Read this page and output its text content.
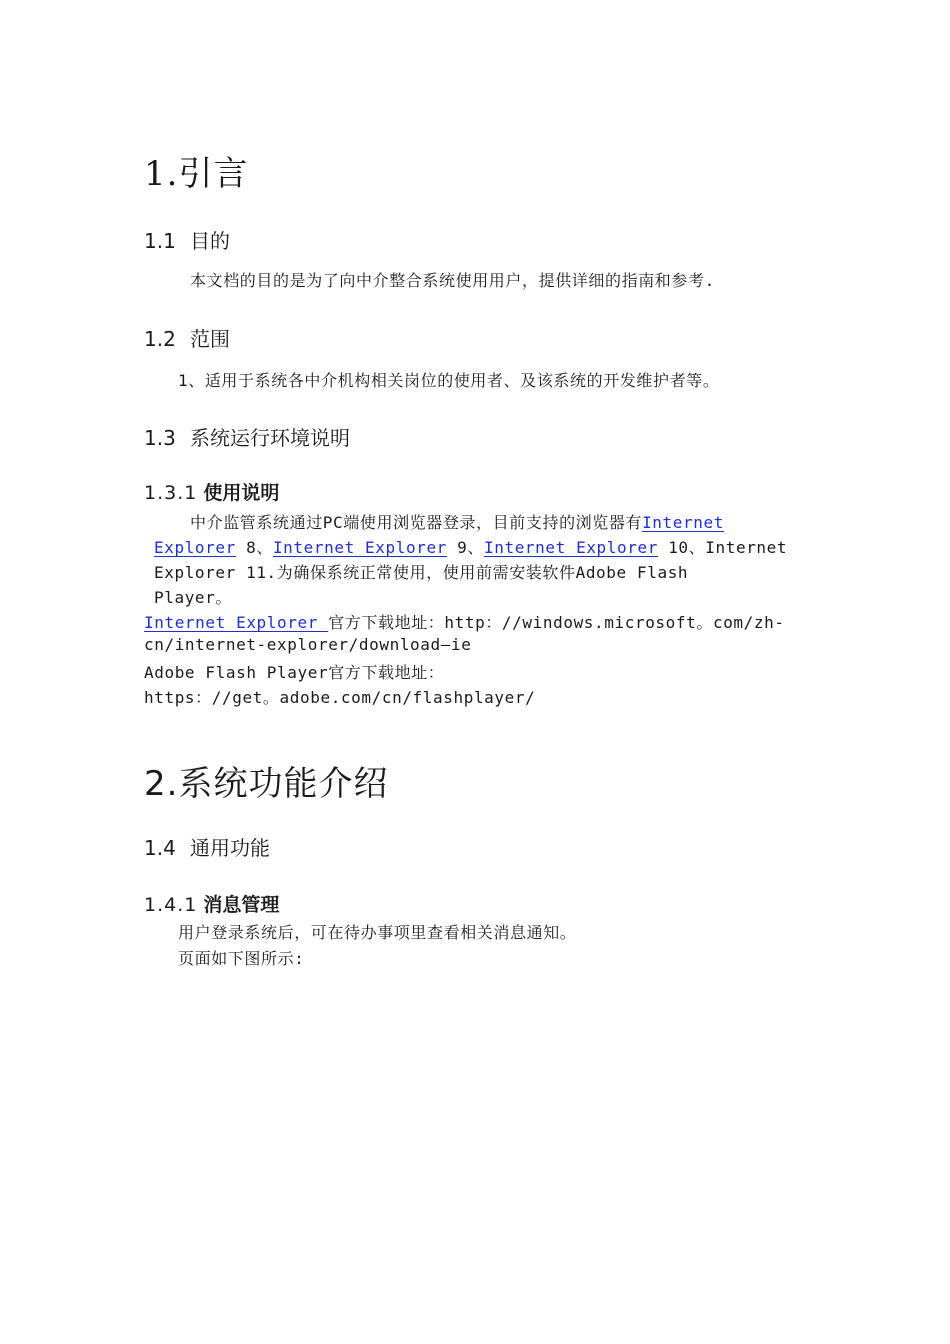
1.引言
1.1 目的

本文档的目的是为了向中介整合系统使用用户，提供详细的指南和参考.

1.2 范围

1、适用于系统各中介机构相关岗位的使用者、及该系统的开发维护者等。

1.3 系统运行环境说明
1.3.1 使用说明

中介监管系统通过PC端使用浏览器登录，目前支持的浏览器有Internet

Explorer 8、Internet Explorer 9、Internet Explorer 10、Internet

Explorer 11.为确保系统正常使用，使用前需安装软件Adobe Flash

Player。

Internet Explorer 官方下载地址：http：//windows.microsoft。com/zh-

cn/internet-explorer/download—ie

Adobe Flash Player官方下载地址：

https：//get。adobe.com/cn/flashplayer/

2.系统功能介绍
1.4 通用功能
1.4.1 消息管理

用户登录系统后，可在待办事项里查看相关消息通知。

页面如下图所示:
